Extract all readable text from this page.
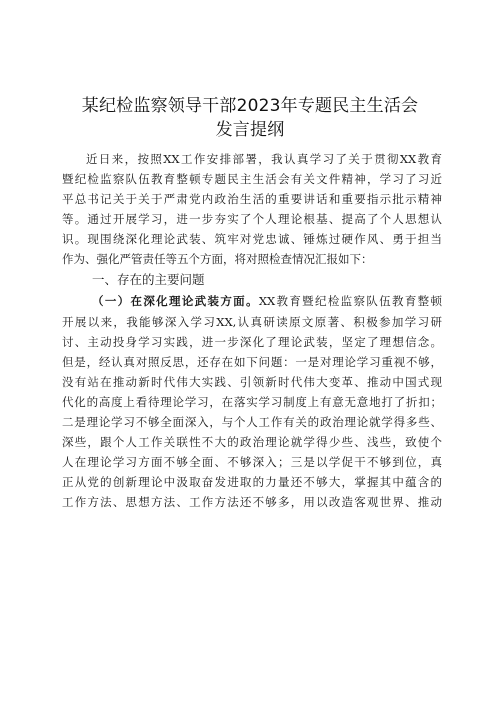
某纪检监察领导干部2023年专题民主生活会
发言提纲
近日来，按照XX工作安排部署，我认真学习了关于贯彻XX教育
暨纪检监察队伍教育整顿专题民主生活会有关文件精神，学习了习近
平总书记关于关于严肃党内政治生活的重要讲话和重要指示批示精神
等。通过开展学习，进一步夯实了个人理论根基、提高了个人思想认
识。现围绕深化理论武装、筑牢对党忠诚、锤炼过硬作风、勇于担当
作为、强化严管责任等五个方面，将对照检查情况汇报如下：
一、存在的主要问题
（一）在深化理论武装方面。XX教育暨纪检监察队伍教育整顿
开展以来，我能够深入学习XX,认真研读原文原著、积极参加学习研
讨、主动投身学习实践，进一步深化了理论武装，坚定了理想信念。
但是，经认真对照反思，还存在如下问题：一是对理论学习重视不够，
没有站在推动新时代伟大实践、引领新时代伟大变革、推动中国式现
代化的高度上看待理论学习，在落实学习制度上有意无意地打了折扣；
二是理论学习不够全面深入，与个人工作有关的政治理论就学得多些、
深些，跟个人工作关联性不大的政治理论就学得少些、浅些，致使个
人在理论学习方面不够全面、不够深入；三是以学促干不够到位，真
正从党的创新理论中汲取奋发进取的力量还不够大，掌握其中蕴含的
工作方法、思想方法、工作方法还不够多，用以改造客观世界、推动
